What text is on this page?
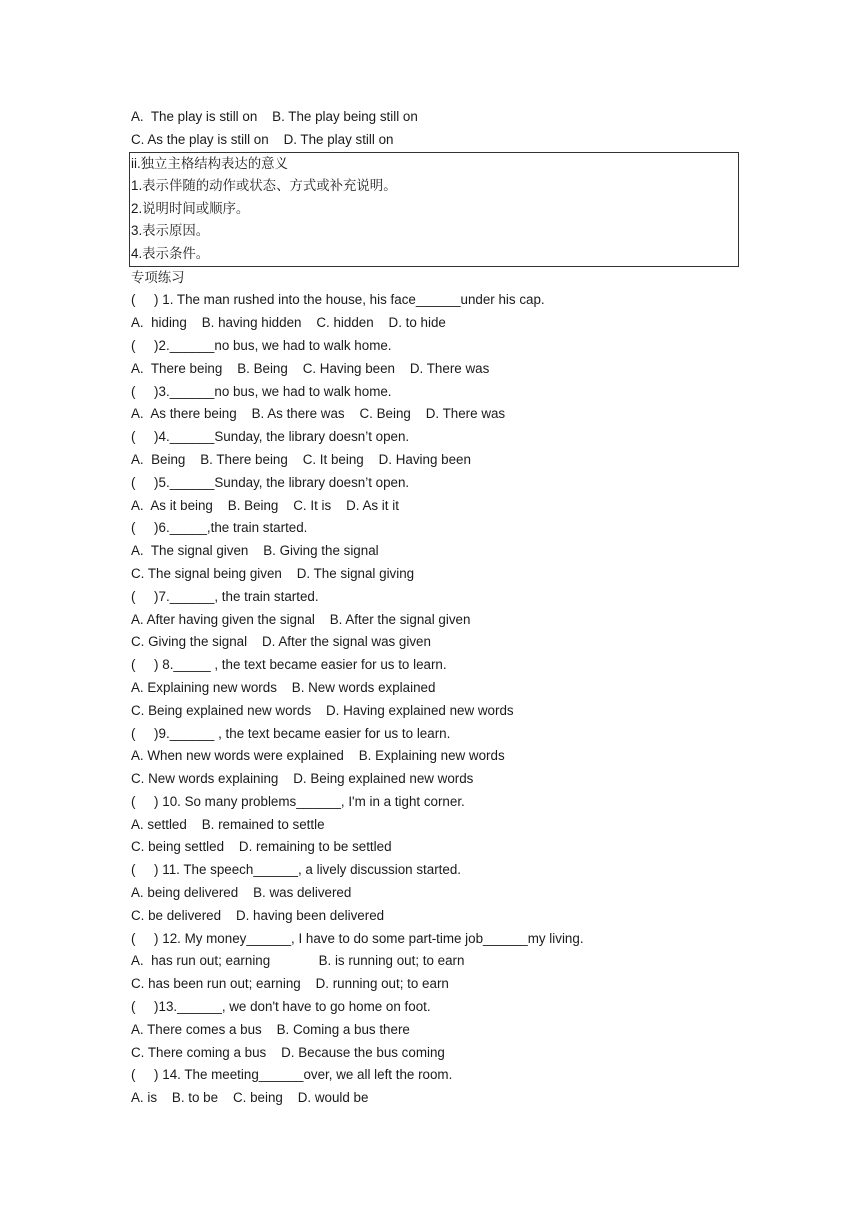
A.  The play is still on    B. The play being still on
C. As the play is still on    D. The play still on
ii.独立主格结构表达的意义
1.表示伴随的动作或状态、方式或补充说明。
2.说明时间或顺序。
3.表示原因。
4.表示条件。
专项练习
(     ) 1. The man rushed into the house, his face______under his cap.
A.  hiding    B. having hidden    C. hidden    D. to hide
(     )2.______no bus, we had to walk home.
A.  There being    B. Being    C. Having been    D. There was
(     )3.______no bus, we had to walk home.
A.  As there being    B. As there was    C. Being    D. There was
(     )4.______Sunday, the library doesn’t open.
A.  Being    B. There being    C. It being    D. Having been
(     )5.______Sunday, the library doesn’t open.
A.  As it being    B. Being    C. It is    D. As it it
(     )6._____,the train started.
A.  The signal given    B. Giving the signal
C. The signal being given    D. The signal giving
(     )7.______, the train started.
A. After having given the signal    B. After the signal given
C. Giving the signal    D. After the signal was given
(     ) 8._____ , the text became easier for us to learn.
A. Explaining new words    B. New words explained
C. Being explained new words    D. Having explained new words
(     )9.______ , the text became easier for us to learn.
A. When new words were explained    B. Explaining new words
C. New words explaining    D. Being explained new words
(     ) 10. So many problems______, I'm in a tight corner.
A. settled    B. remained to settle
C. being settled    D. remaining to be settled
(     ) 11. The speech______, a lively discussion started.
A. being delivered    B. was delivered
C. be delivered    D. having been delivered
(     ) 12. My money______, I have to do some part-time job______my living.
A.  has run out; earning             B. is running out; to earn
C. has been run out; earning    D. running out; to earn
(     )13.______, we don't have to go home on foot.
A. There comes a bus    B. Coming a bus there
C. There coming a bus    D. Because the bus coming
(     ) 14. The meeting______over, we all left the room.
A. is    B. to be    C. being    D. would be
